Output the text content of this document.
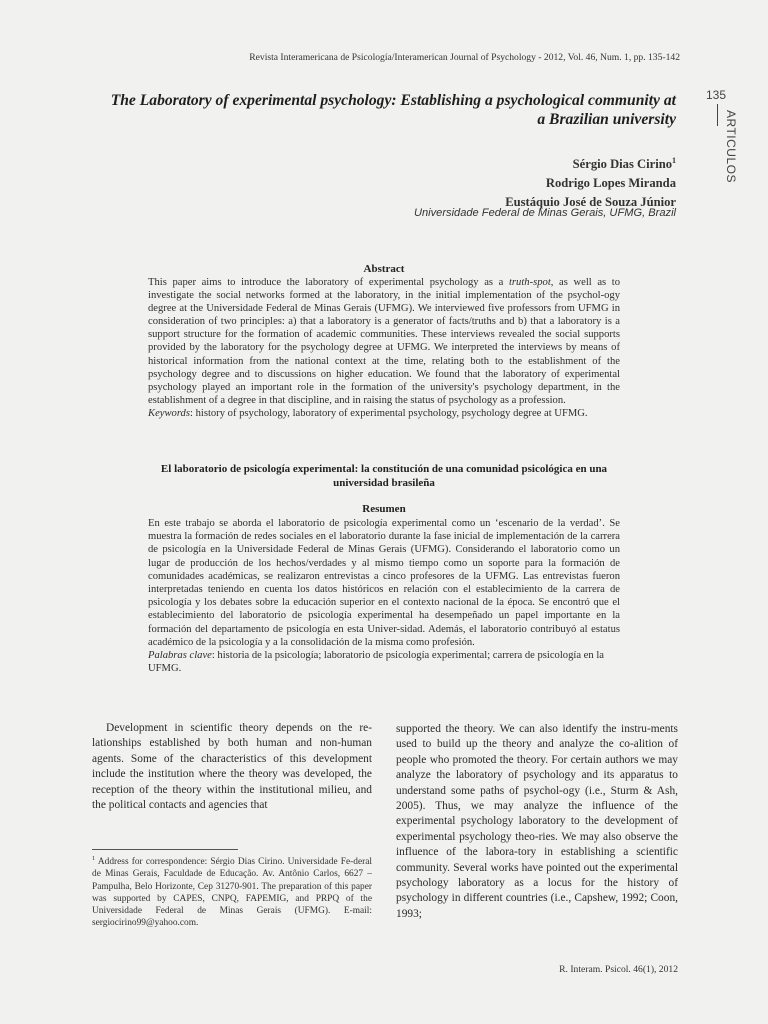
Revista Interamericana de Psicología/Interamerican Journal of Psychology - 2012, Vol. 46, Num. 1, pp. 135-142
135
ARTICULOS
The Laboratory of experimental psychology: Establishing a psychological community at a Brazilian university
Sérgio Dias Cirino$^1$
Rodrigo Lopes Miranda
Eustáquio José de Souza Júnior
Universidade Federal de Minas Gerais, UFMG, Brazil
Abstract
This paper aims to introduce the laboratory of experimental psychology as a truth-spot, as well as to investigate the social networks formed at the laboratory, in the initial implementation of the psychol-ogy degree at the Universidade Federal de Minas Gerais (UFMG). We interviewed five professors from UFMG in consideration of two principles: a) that a laboratory is a generator of facts/truths and b) that a laboratory is a support structure for the formation of academic communities. These interviews revealed the social supports provided by the laboratory for the psychology degree at UFMG. We interpreted the interviews by means of historical information from the national context at the time, relating both to the establishment of the psychology degree and to discussions on higher education. We found that the laboratory of experimental psychology played an important role in the formation of the university's psychology department, in the establishment of a degree in that discipline, and in raising the status of psychology as a profession.
Keywords: history of psychology, laboratory of experimental psychology, psychology degree at UFMG.
El laboratorio de psicología experimental: la constitución de una comunidad psicológica en una universidad brasileña
Resumen
En este trabajo se aborda el laboratorio de psicología experimental como un ‘escenario de la verdad’. Se muestra la formación de redes sociales en el laboratorio durante la fase inicial de implementación de la carrera de psicología en la Universidade Federal de Minas Gerais (UFMG). Considerando el laboratorio como un lugar de producción de los hechos/verdades y al mismo tiempo como un soporte para la formación de comunidades académicas, se realizaron entrevistas a cinco profesores de la UFMG. Las entrevistas fueron interpretadas teniendo en cuenta los datos históricos en relación con el establecimiento de la carrera de psicología y los debates sobre la educación superior en el contexto nacional de la época. Se encontró que el establecimiento del laboratorio de psicología experimental ha desempeñado un papel importante en la formación del departamento de psicología en esta Univer-sidad. Además, el laboratorio contribuyó al estatus académico de la psicología y a la consolidación de la misma como profesión.
Palabras clave: historia de la psicología; laboratorio de psicología experimental; carrera de psicología en la UFMG.
Development in scientific theory depends on the re-lationships established by both human and non-human agents. Some of the characteristics of this development include the institution where the theory was developed, the reception of the theory within the institutional milieu, and the political contacts and agencies that
supported the theory. We can also identify the instru-ments used to build up the theory and analyze the co-alition of people who promoted the theory. For certain authors we may analyze the laboratory of psychology and its apparatus to understand some paths of psychol-ogy (i.e., Sturm & Ash, 2005). Thus, we may analyze the influence of the experimental psychology laboratory to the development of experimental psychology theo-ries. We may also observe the influence of the labora-tory in establishing a scientific community. Several works have pointed out the experimental psychology laboratory as a locus for the history of psychology in different countries (i.e., Capshew, 1992; Coon, 1993;
$^1$ Address for correspondence: Sérgio Dias Cirino. Universidade Fe-deral de Minas Gerais, Faculdade de Educação. Av. Antônio Carlos, 6627 – Pampulha, Belo Horizonte, Cep 31270-901. The preparation of this paper was supported by CAPES, CNPQ, FAPEMIG, and PRPQ of the Universidade Federal de Minas Gerais (UFMG). E-mail: sergiocirino99@yahoo.com.
R. Interam. Psicol. 46(1), 2012
